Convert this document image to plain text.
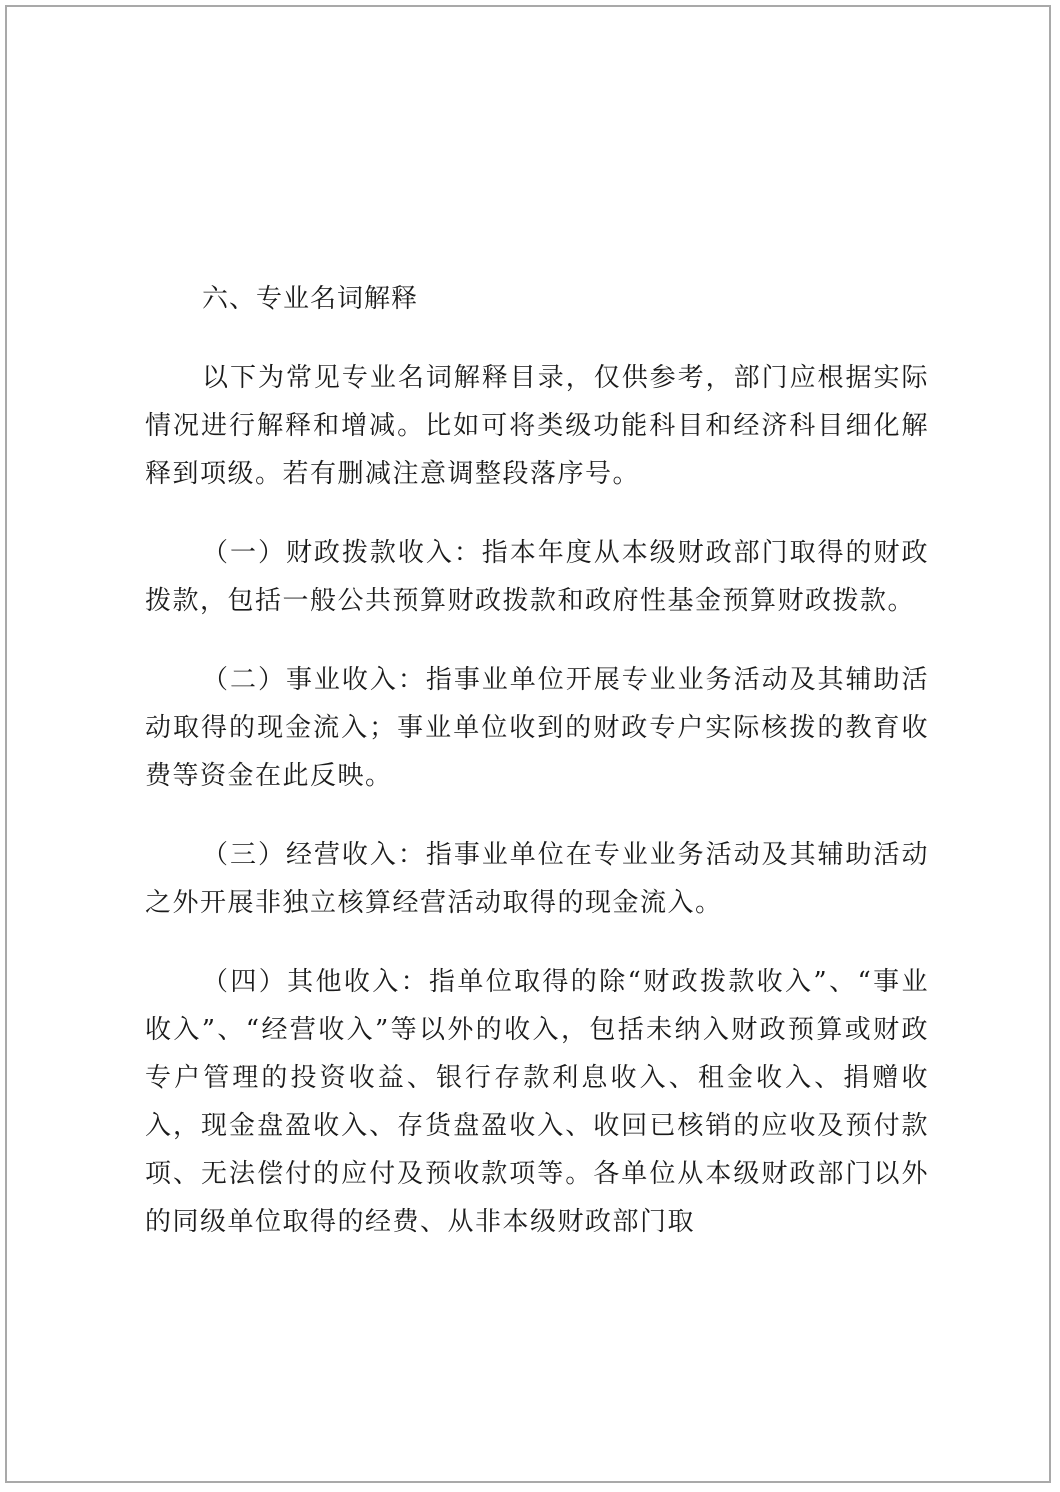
六、专业名词解释

以下为常见专业名词解释目录，仅供参考，部门应根据实际情况进行解释和增减。比如可将类级功能科目和经济科目细化解释到项级。若有删减注意调整段落序号。

（一）财政拨款收入：指本年度从本级财政部门取得的财政拨款，包括一般公共预算财政拨款和政府性基金预算财政拨款。

（二）事业收入：指事业单位开展专业业务活动及其辅助活动取得的现金流入；事业单位收到的财政专户实际核拨的教育收费等资金在此反映。

（三）经营收入：指事业单位在专业业务活动及其辅助活动之外开展非独立核算经营活动取得的现金流入。

（四）其他收入：指单位取得的除“财政拨款收入”、“事业收入”、“经营收入”等以外的收入，包括未纳入财政预算或财政专户管理的投资收益、银行存款利息收入、租金收入、捐赠收入，现金盘盈收入、存货盘盈收入、收回已核销的应收及预付款项、无法偿付的应付及预收款项等。各单位从本级财政部门以外的同级单位取得的经费、从非本级财政部门取
